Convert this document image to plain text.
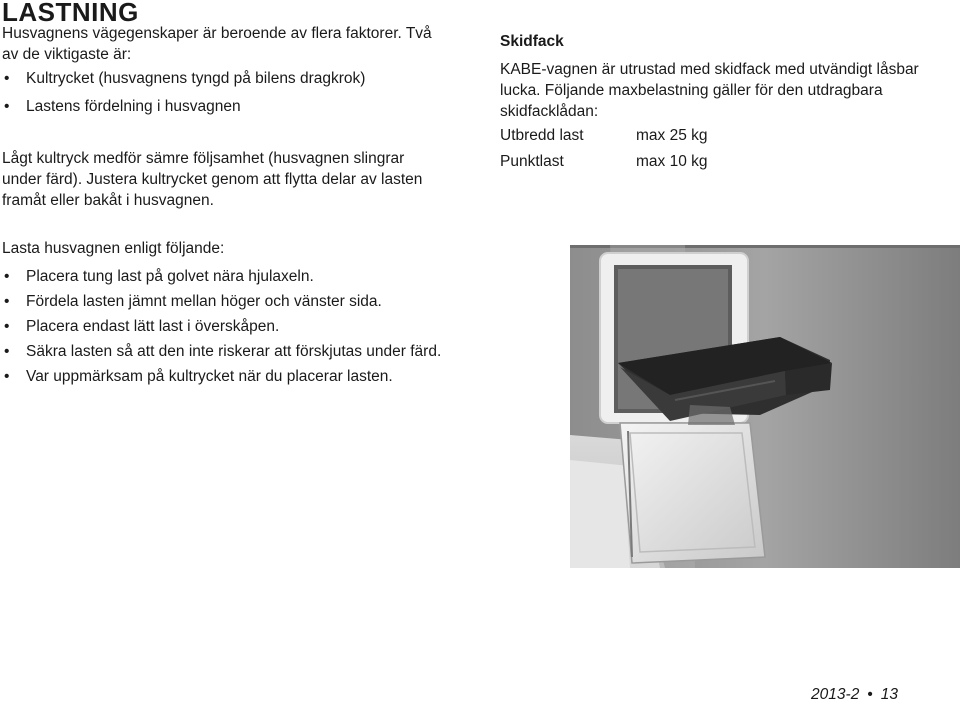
LASTNING

Husvagnens vägegenskaper är beroende av flera faktorer. Två av de viktigaste är:

• Kultrycket (husvagnens tyngd på bilens dragkrok)
• Lastens fördelning i husvagnen

Lågt kultryck medför sämre följsamhet (husvagnen slingrar under färd). Justera kultrycket genom att flytta delar av lasten framåt eller bakåt i husvagnen.

Lasta husvagnen enligt följande:

• Placera tung last på golvet nära hjulaxeln.
• Fördela lasten jämnt mellan höger och vänster sida.
• Placera endast lätt last i överskåpen.
• Säkra lasten så att den inte riskerar att förskjutas under färd.
• Var uppmärksam på kultrycket när du placerar lasten.
Skidfack

KABE-vagnen är utrustad med skidfack med utvändigt låsbar lucka. Följande maxbelastning gäller för den utdragbara skidfacklådan:

Utbredd last	max 25 kg
Punktlast	max 10 kg
2013-2 • 13
